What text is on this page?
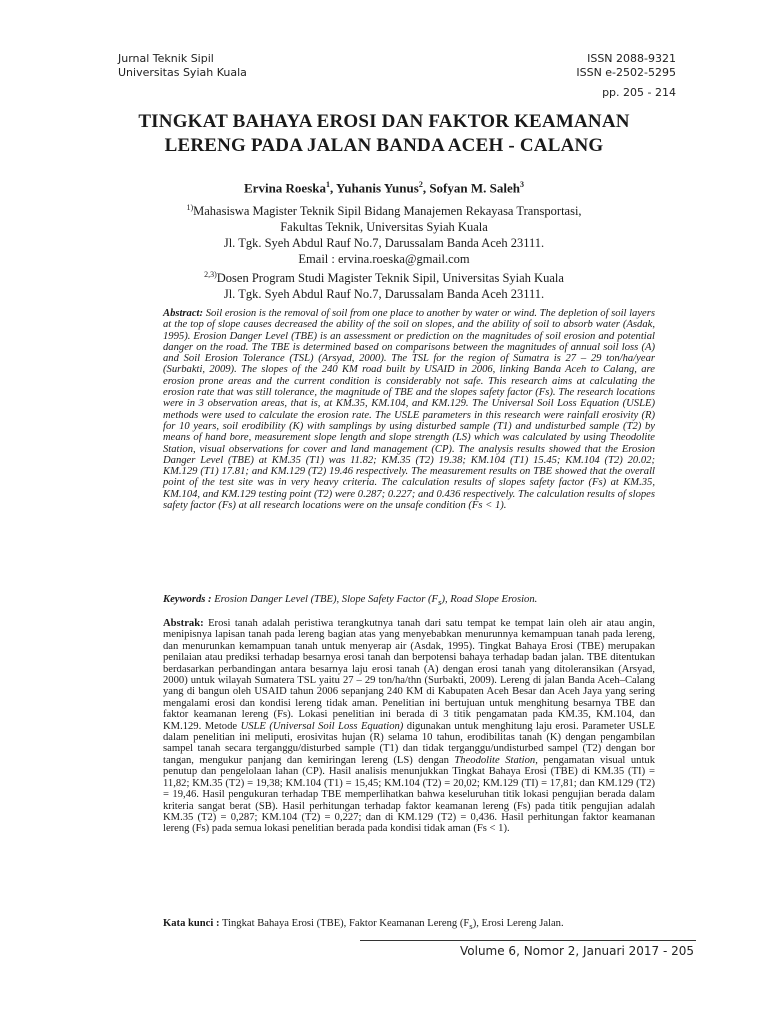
Jurnal Teknik Sipil
Universitas Syiah Kuala
ISSN 2088-9321
ISSN e-2502-5295
pp. 205 - 214
TINGKAT BAHAYA EROSI DAN FAKTOR KEAMANAN
LERENG PADA JALAN BANDA ACEH - CALANG
Ervina Roeska$^1$, Yuhanis Yunus$^2$, Sofyan M. Saleh$^3$
$^{1)}$Mahasiswa Magister Teknik Sipil Bidang Manajemen Rekayasa Transportasi,
Fakultas Teknik, Universitas Syiah Kuala
Jl. Tgk. Syeh Abdul Rauf No.7, Darussalam Banda Aceh 23111.
Email : ervina.roeska@gmail.com
$^{2,3)}$Dosen Program Studi Magister Teknik Sipil, Universitas Syiah Kuala
Jl. Tgk. Syeh Abdul Rauf No.7, Darussalam Banda Aceh 23111.
Abstract: Soil erosion is the removal of soil from one place to another by water or wind. The depletion of soil layers at the top of slope causes decreased the ability of the soil on slopes, and the ability of soil to absorb water (Asdak, 1995). Erosion Danger Level (TBE) is an assessment or prediction on the magnitudes of soil erosion and potential danger on the road. The TBE is determined based on comparisons between the magnitudes of annual soil loss (A) and Soil Erosion Tolerance (TSL) (Arsyad, 2000). The TSL for the region of Sumatra is 27 – 29 ton/ha/year (Surbakti, 2009). The slopes of the 240 KM road built by USAID in 2006, linking Banda Aceh to Calang, are erosion prone areas and the current condition is considerably not safe. This research aims at calculating the erosion rate that was still tolerance, the magnitude of TBE and the slopes safety factor (Fs). The research locations were in 3 observation areas, that is, at KM.35, KM.104, and KM.129. The Universal Soil Loss Equation (USLE) methods were used to calculate the erosion rate. The USLE parameters in this research were rainfall erosivity (R) for 10 years, soil erodibility (K) with samplings by using disturbed sample (T1) and undisturbed sample (T2) by means of hand bore, measurement slope length and slope strength (LS) which was calculated by using Theodolite Station, visual observations for cover and land management (CP). The analysis results showed that the Erosion Danger Level (TBE) at KM.35 (T1) was 11.82; KM.35 (T2) 19.38; KM.104 (T1) 15.45; KM.104 (T2) 20.02; KM.129 (T1) 17.81; and KM.129 (T2) 19.46 respectively. The measurement results on TBE showed that the overall point of the test site was in very heavy criteria. The calculation results of slopes safety factor (Fs) at KM.35, KM.104, and KM.129 testing point (T2) were 0.287; 0.227; and 0.436 respectively. The calculation results of slopes safety factor (Fs) at all research locations were on the unsafe condition (Fs < 1).
Keywords : Erosion Danger Level (TBE), Slope Safety Factor $(F_s)$, Road Slope Erosion.
Abstrak: Erosi tanah adalah peristiwa terangkutnya tanah dari satu tempat ke tempat lain oleh air atau angin, menipisnya lapisan tanah pada lereng bagian atas yang menyebabkan menurunnya kemampuan tanah pada lereng, dan menurunkan kemampuan tanah untuk menyerap air (Asdak, 1995). Tingkat Bahaya Erosi (TBE) merupakan penilaian atau prediksi terhadap besarnya erosi tanah dan berpotensi bahaya terhadap badan jalan. TBE ditentukan berdasarkan perbandingan antara besarnya laju erosi tanah (A) dengan erosi tanah yang ditoleransikan (Arsyad, 2000) untuk wilayah Sumatera TSL yaitu 27 – 29 ton/ha/thn (Surbakti, 2009). Lereng di jalan Banda Aceh–Calang yang di bangun oleh USAID tahun 2006 sepanjang 240 KM di Kabupaten Aceh Besar dan Aceh Jaya yang sering mengalami erosi dan kondisi lereng tidak aman. Penelitian ini bertujuan untuk menghitung besarnya TBE dan faktor keamanan lereng (Fs). Lokasi penelitian ini berada di 3 titik pengamatan pada KM.35, KM.104, dan KM.129. Metode USLE (Universal Soil Loss Equation) digunakan untuk menghitung laju erosi. Parameter USLE dalam penelitian ini meliputi, erosivitas hujan (R) selama 10 tahun, erodibilitas tanah (K) dengan pengambilan sampel tanah secara terganggu/disturbed sample (T1) dan tidak terganggu/undisturbed sampel (T2) dengan bor tangan, mengukur panjang dan kemiringan lereng (LS) dengan Theodolite Station, pengamatan visual untuk penutup dan pengelolaan lahan (CP). Hasil analisis menunjukkan Tingkat Bahaya Erosi (TBE) di KM.35 (TI) = 11,82; KM.35 (T2) = 19,38; KM.104 (T1) = 15,45; KM.104 (T2) = 20,02; KM.129 (TI) = 17,81; dan KM.129 (T2) = 19,46. Hasil pengukuran terhadap TBE memperlihatkan bahwa keseluruhan titik lokasi pengujian berada dalam kriteria sangat berat (SB). Hasil perhitungan terhadap faktor keamanan lereng (Fs) pada titik pengujian adalah KM.35 (T2) = 0,287; KM.104 (T2) = 0,227; dan di KM.129 (T2) = 0,436. Hasil perhitungan faktor keamanan lereng (Fs) pada semua lokasi penelitian berada pada kondisi tidak aman (Fs < 1).
Kata kunci : Tingkat Bahaya Erosi (TBE), Faktor Keamanan Lereng $(F_s)$, Erosi Lereng Jalan.
Volume 6, Nomor 2, Januari 2017 - 205
